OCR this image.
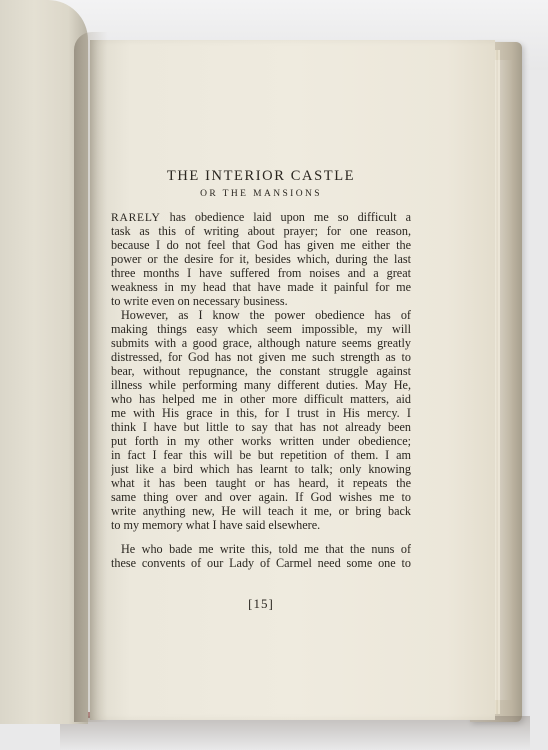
THE INTERIOR CASTLE

OR THE MANSIONS

RARELY has obedience laid upon me so difficult a
task as this of writing about prayer; for one reason,
because I do not feel that God has given me either the
power or the desire for it, besides which, during the last
three months I have suffered from noises and a great
weakness in my head that have made it painful for me
to write even on necessary business.
However, as I know the power obedience has of
making things easy which seem impossible, my will
submits with a good grace, although nature seems greatly
distressed, for God has not given me such strength as to
bear, without repugnance, the constant struggle against
illness while performing many different duties. May He,
who has helped me in other more difficult matters, aid
me with His grace in this, for I trust in His mercy. I
think I have but little to say that has not already been
put forth in my other works written under obedience;
in fact I fear this will be but repetition of them. I am
just like a bird which has learnt to talk; only knowing
what it has been taught or has heard, it repeats the
same thing over and over again. If God wishes me to
write anything new, He will teach it me, or bring back
to my memory what I have said elsewhere.
He who bade me write this, told me that the nuns of
these convents of our Lady of Carmel need some one to

[15]
